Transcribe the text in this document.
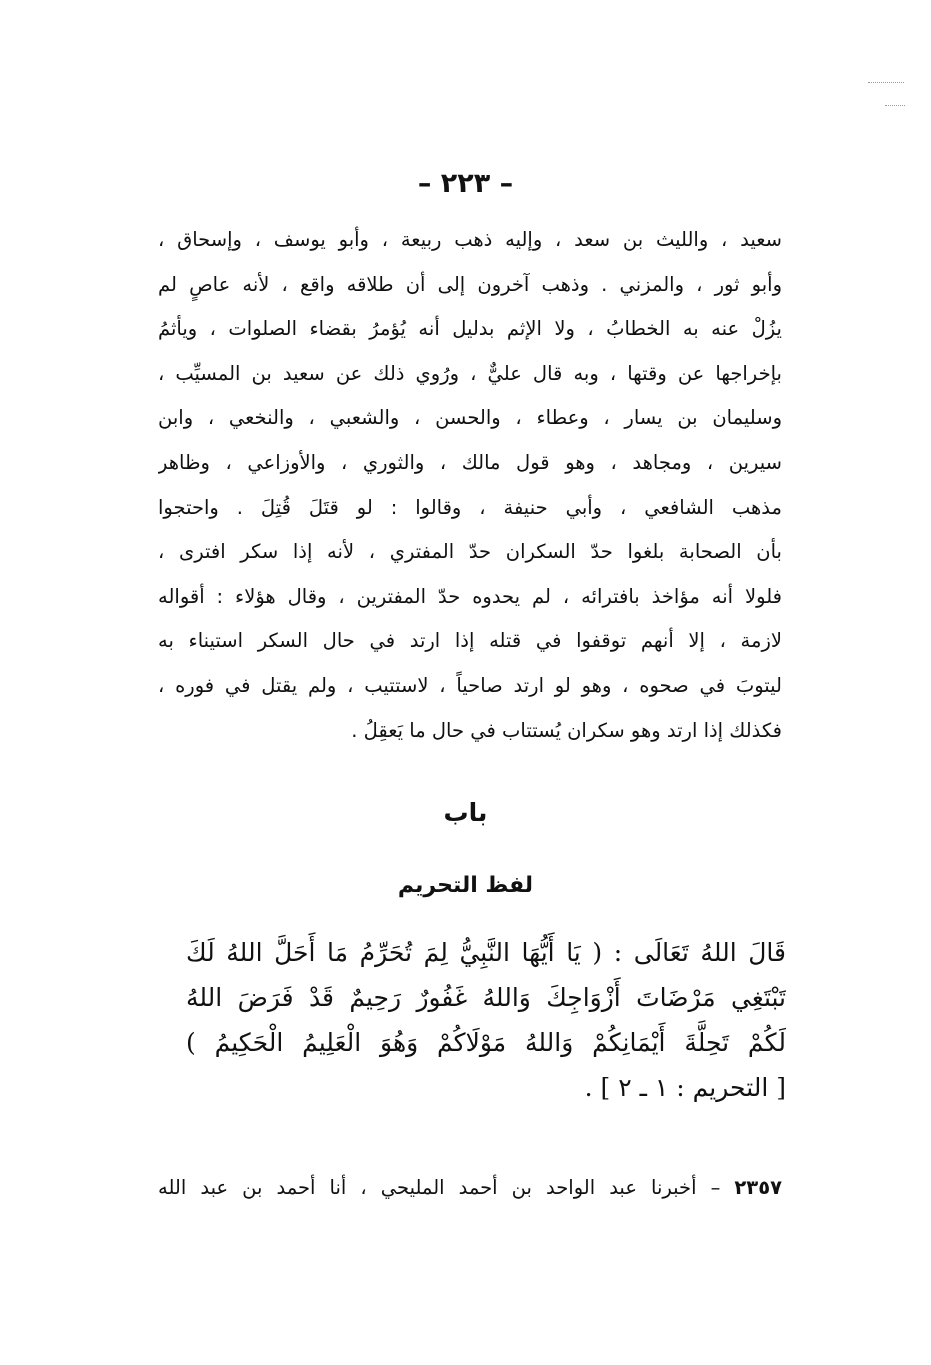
– ٢٢٣ –
سعيد ، والليث بن سعد ، وإليه ذهب ربيعة ، وأبو يوسف ، وإسحاق ،
وأبو ثور ، والمزني . وذهب آخرون إلى أن طلاقه واقع ، لأنه عاصٍ لم
يزُلْ عنه به الخطابُ ، ولا الإثم بدليل أنه يُؤمرُ بقضاء الصلوات ، ويأثمُ
بإخراجها عن وقتها ، وبه قال عليٌّ ، ورُوي ذلك عن سعيد بن المسيِّب ،
وسليمان بن يسار ، وعطاء ، والحسن ، والشعبي ، والنخعي ، وابن
سيرين ، ومجاهد ، وهو قول مالك ، والثوري ، والأوزاعي ، وظاهر
مذهب الشافعي ، وأبي حنيفة ، وقالوا : لو قتَلَ قُتِلَ . واحتجوا
بأن الصحابة بلغوا حدّ السكران حدّ المفتري ، لأنه إذا سكر افترى ،
فلولا أنه مؤاخذ بافترائه ، لم يحدوه حدّ المفترين ، وقال هؤلاء : أقواله
لازمة ، إلا أنهم توقفوا في قتله إذا ارتد في حال السكر استيناء به
ليتوبَ في صحوه ، وهو لو ارتد صاحياً ، لاستتيب ، ولم يقتل في فوره ،
فكذلك إذا ارتد وهو سكران يُستتاب في حال ما يَعقِلُ .
باب
لفظ التحريم
قَالَ اللهُ تَعَالَى : ( يَا أَيُّهَا النَّبِيُّ لِمَ تُحَرِّمُ مَا أَحَلَّ اللهُ لَكَ
تَبْتَغِي مَرْضَاتَ أَزْوَاجِكَ وَاللهُ غَفُورٌ رَحِيمٌ قَدْ فَرَضَ اللهُ
لَكُمْ تَحِلَّةَ أَيْمَانِكُمْ وَاللهُ مَوْلَاكُمْ وَهُوَ الْعَلِيمُ الْحَكِيمُ )
[ التحريم : ١ ـ ٢ ] .
٢٣٥٧ – أخبرنا عبد الواحد بن أحمد المليحي ، أنا أحمد بن عبد الله
